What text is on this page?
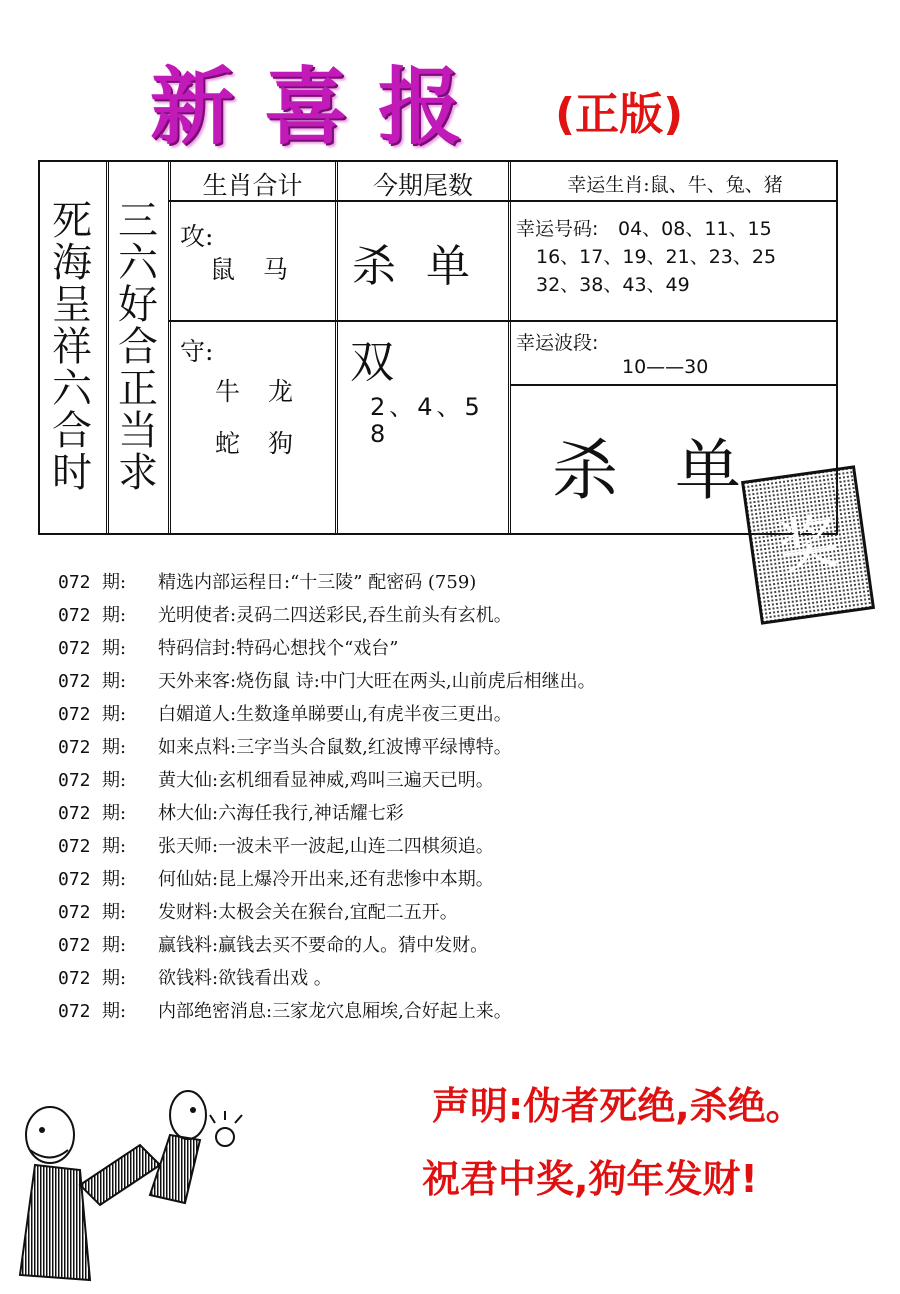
新喜报 (正版)
死海呈祥六合时
三六好合正当求
生肖合计	今期尾数	幸运生肖:鼠、牛、兔、猪
攻:
鼠 马
守:
牛 龙
蛇 狗
杀 单
双
2、4、5
8
幸运号码: 04、08、11、15
16、17、19、21、23、25
32、38、43、49
幸运波段:
10——30
杀 单
奖
072 期: 精选内部运程日:“十三陵” 配密码 (759)
072 期: 光明使者:灵码二四送彩民,吞生前头有玄机。
072 期: 特码信封:特码心想找个“戏台”
072 期: 天外来客:烧伤鼠 诗:中门大旺在两头,山前虎后相继出。
072 期: 白媚道人:生数逢单睇要山,有虎半夜三更出。
072 期: 如来点料:三字当头合鼠数,红波博平绿博特。
072 期: 黄大仙:玄机细看显神威,鸡叫三遍天已明。
072 期: 林大仙:六海任我行,神话耀七彩
072 期: 张天师:一波未平一波起,山连二四棋须追。
072 期: 何仙姑:昆上爆冷开出来,还有悲惨中本期。
072 期: 发财料:太极会关在猴台,宜配二五开。
072 期: 赢钱料:赢钱去买不要命的人。猜中发财。
072 期: 欲钱料:欲钱看出戏 。
072 期: 内部绝密消息:三家龙穴息厢埃,合好起上来。
声明:伪者死绝,杀绝。
祝君中奖,狗年发财!
